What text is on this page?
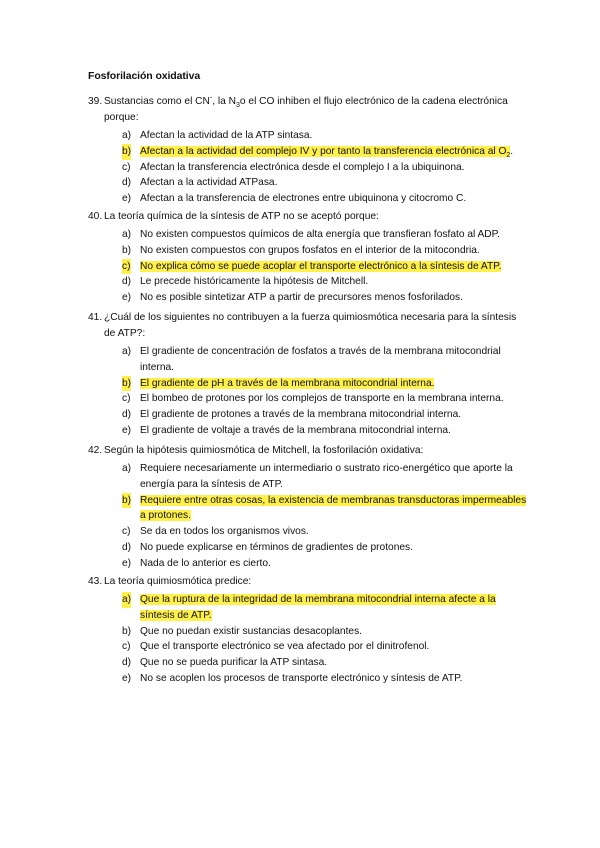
Fosforilación oxidativa
39. Sustancias como el CN-, la $N_3o$ el CO inhiben el flujo electrónico de la cadena electrónica porque:
a) Afectan la actividad de la ATP sintasa.
b) Afectan a la actividad del complejo IV y por tanto la transferencia electrónica al $O_2$.
c) Afectan la transferencia electrónica desde el complejo I a la ubiquinona.
d) Afectan a la actividad ATPasa.
e) Afectan a la transferencia de electrones entre ubiquinona y citocromo C.
40. La teoría química de la síntesis de ATP no se aceptó porque:
a) No existen compuestos químicos de alta energía que transfieran fosfato al ADP.
b) No existen compuestos con grupos fosfatos en el interior de la mitocondria.
c) No explica cómo se puede acoplar el transporte electrónico a la síntesis de ATP.
d) Le precede históricamente la hipótesis de Mitchell.
e) No es posible sintetizar ATP a partir de precursores menos fosforilados.
41. ¿Cuál de los siguientes no contribuyen a la fuerza quimiosmótica necesaria para la síntesis de ATP?:
a) El gradiente de concentración de fosfatos a través de la membrana mitocondrial interna.
b) El gradiente de pH a través de la membrana mitocondrial interna.
c) El bombeo de protones por los complejos de transporte en la membrana interna.
d) El gradiente de protones a través de la membrana mitocondrial interna.
e) El gradiente de voltaje a través de la membrana mitocondrial interna.
42. Según la hipótesis quimiosmótica de Mitchell, la fosforilación oxidativa:
a) Requiere necesariamente un intermediario o sustrato rico-energético que aporte la energía para la síntesis de ATP.
b) Requiere entre otras cosas, la existencia de membranas transductoras impermeables a protones.
c) Se da en todos los organismos vivos.
d) No puede explicarse en términos de gradientes de protones.
e) Nada de lo anterior es cierto.
43. La teoría quimiosmótica predice:
a) Que la ruptura de la integridad de la membrana mitocondrial interna afecte a la síntesis de ATP.
b) Que no puedan existir sustancias desacoplantes.
c) Que el transporte electrónico se vea afectado por el dinitrofenol.
d) Que no se pueda purificar la ATP sintasa.
e) No se acoplen los procesos de transporte electrónico y síntesis de ATP.
